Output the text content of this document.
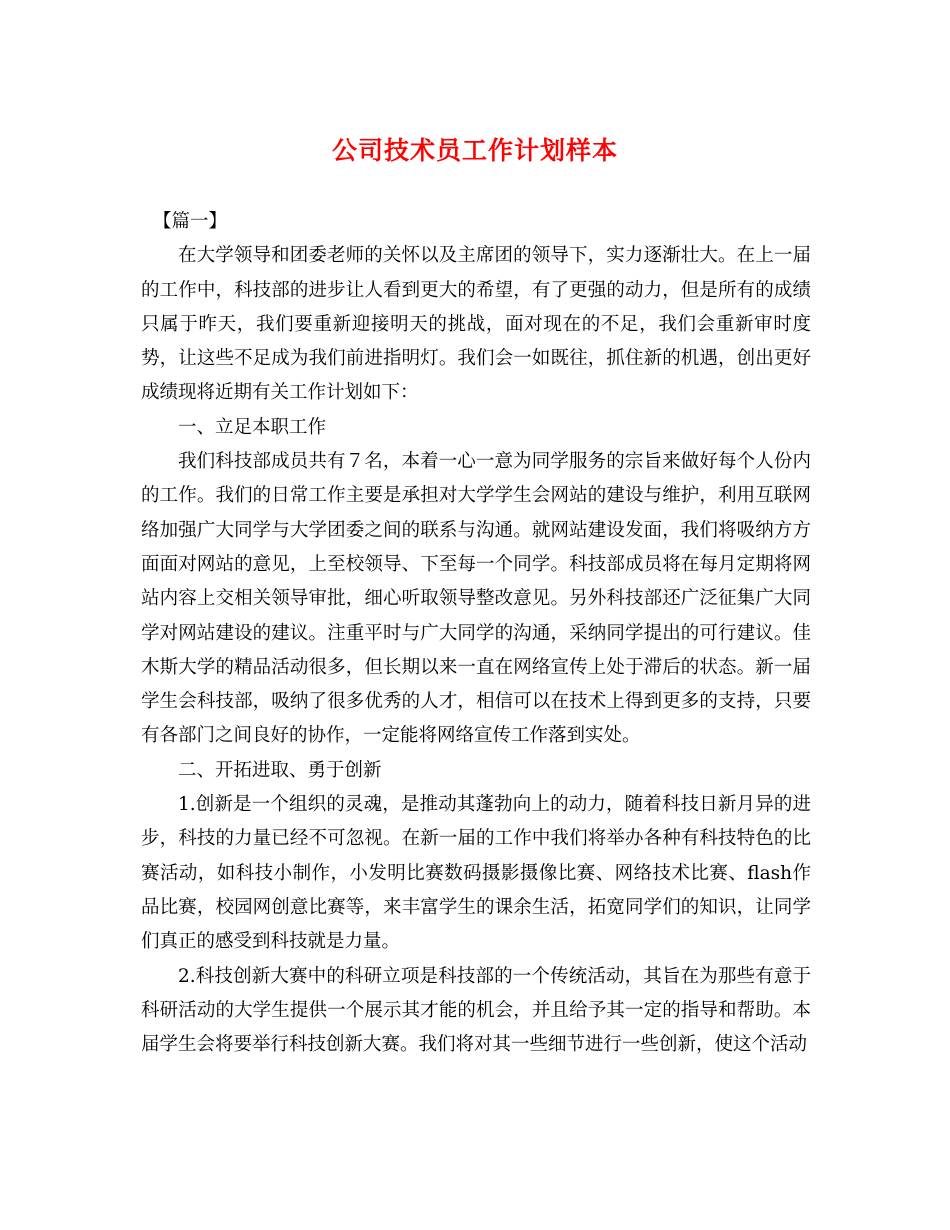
公司技术员工作计划样本

【篇一】

在大学领导和团委老师的关怀以及主席团的领导下，实力逐渐壮大。在上一届的工作中，科技部的进步让人看到更大的希望，有了更强的动力，但是所有的成绩只属于昨天，我们要重新迎接明天的挑战，面对现在的不足，我们会重新审时度势，让这些不足成为我们前进指明灯。我们会一如既往，抓住新的机遇，创出更好成绩现将近期有关工作计划如下：

一、立足本职工作

我们科技部成员共有７名，本着一心一意为同学服务的宗旨来做好每个人份内的工作。我们的日常工作主要是承担对大学学生会网站的建设与维护，利用互联网络加强广大同学与大学团委之间的联系与沟通。就网站建设发面，我们将吸纳方方面面对网站的意见，上至校领导、下至每一个同学。科技部成员将在每月定期将网站内容上交相关领导审批，细心听取领导整改意见。另外科技部还广泛征集广大同学对网站建设的建议。注重平时与广大同学的沟通，采纳同学提出的可行建议。佳木斯大学的精品活动很多，但长期以来一直在网络宣传上处于滞后的状态。新一届学生会科技部，吸纳了很多优秀的人才，相信可以在技术上得到更多的支持，只要有各部门之间良好的协作，一定能将网络宣传工作落到实处。

二、开拓进取、勇于创新

1.创新是一个组织的灵魂，是推动其蓬勃向上的动力，随着科技日新月异的进步，科技的力量已经不可忽视。在新一届的工作中我们将举办各种有科技特色的比赛活动，如科技小制作，小发明比赛数码摄影摄像比赛、网络技术比赛、flash作品比赛，校园网创意比赛等，来丰富学生的课余生活，拓宽同学们的知识，让同学们真正的感受到科技就是力量。

2.科技创新大赛中的科研立项是科技部的一个传统活动，其旨在为那些有意于科研活动的大学生提供一个展示其才能的机会，并且给予其一定的指导和帮助。本届学生会将要举行科技创新大赛。我们将对其一些细节进行一些创新，使这个活动
